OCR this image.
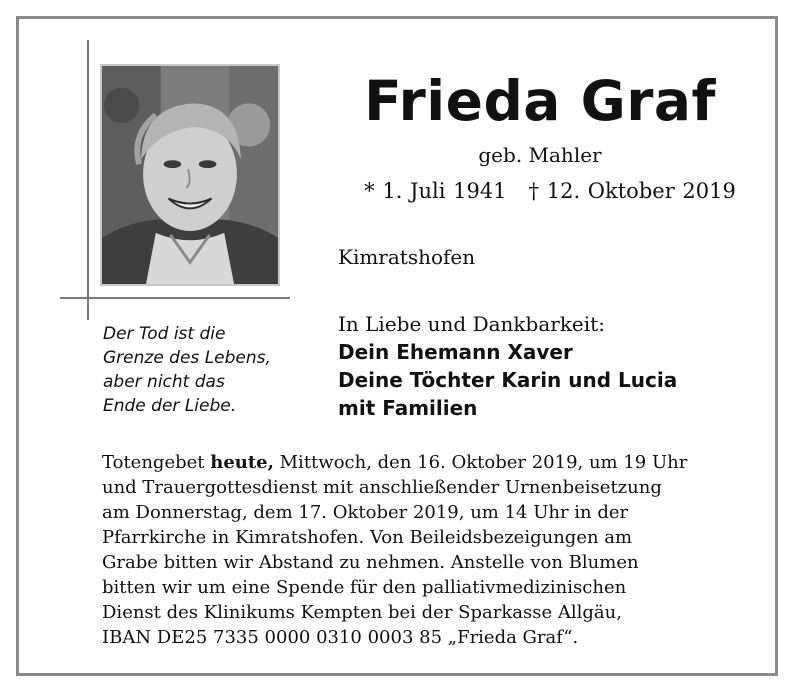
Frieda Graf
geb. Mahler
* 1. Juli 1941 † 12. Oktober 2019
Kimratshofen
In Liebe und Dankbarkeit:
Dein Ehemann Xaver
Deine Töchter Karin und Lucia
mit Familien
Der Tod ist die
Grenze des Lebens,
aber nicht das
Ende der Liebe.
Totengebet heute, Mittwoch, den 16. Oktober 2019, um 19 Uhr
und Trauergottesdienst mit anschließender Urnenbeisetzung
am Donnerstag, dem 17. Oktober 2019, um 14 Uhr in der
Pfarrkirche in Kimratshofen. Von Beileidsbezeigungen am
Grabe bitten wir Abstand zu nehmen. Anstelle von Blumen
bitten wir um eine Spende für den palliativmedizinischen
Dienst des Klinikums Kempten bei der Sparkasse Allgäu,
IBAN DE25 7335 0000 0310 0003 85 „Frieda Graf“.
